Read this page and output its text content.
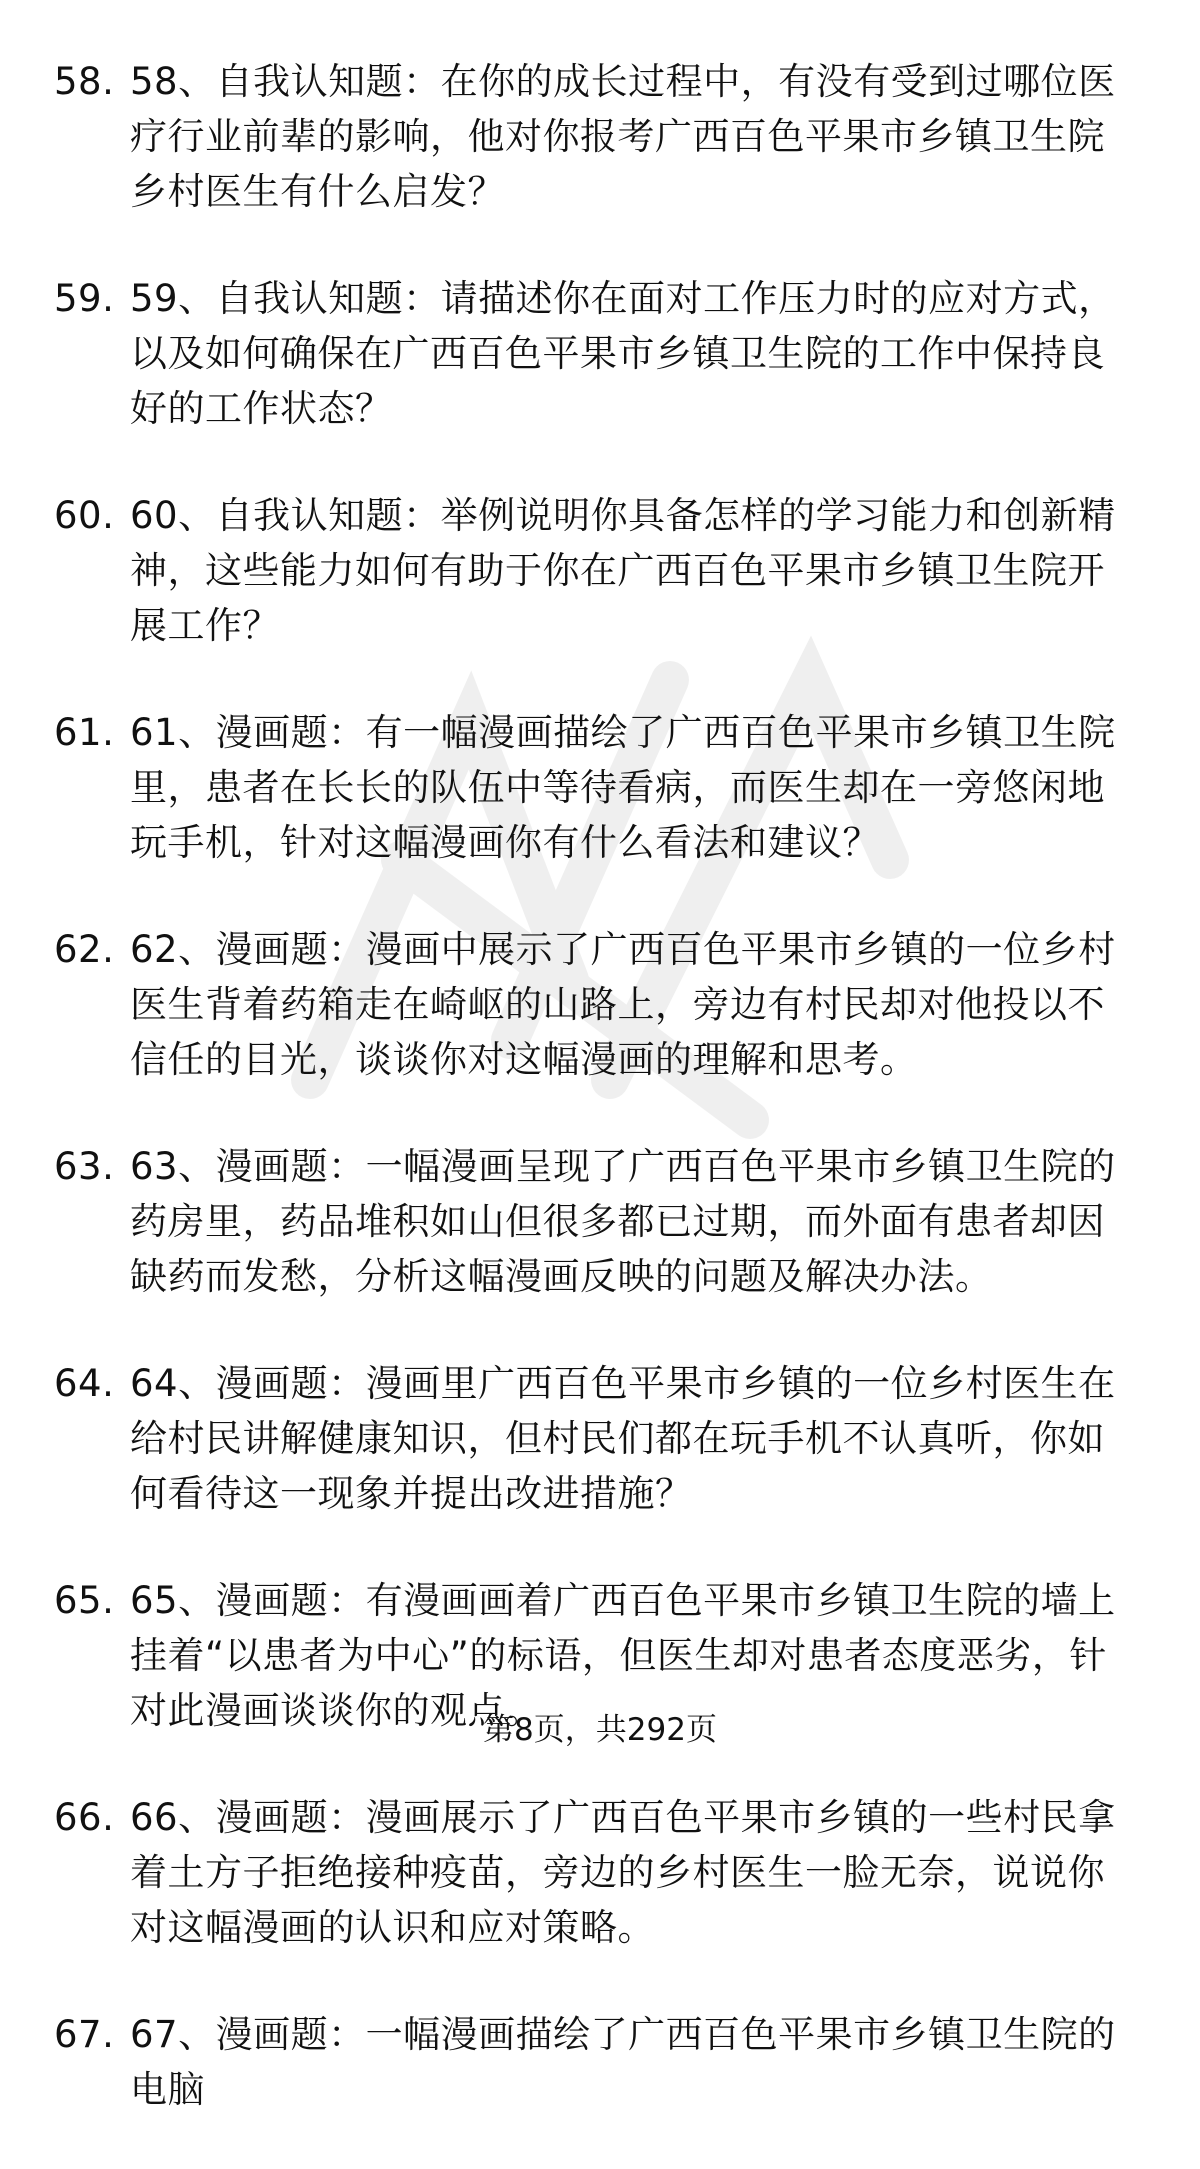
58. 58、自我认知题：在你的成长过程中，有没有受到过哪位医疗行业前辈的影响，他对你报考广西百色平果市乡镇卫生院乡村医生有什么启发？
59. 59、自我认知题：请描述你在面对工作压力时的应对方式，以及如何确保在广西百色平果市乡镇卫生院的工作中保持良好的工作状态？
60. 60、自我认知题：举例说明你具备怎样的学习能力和创新精神，这些能力如何有助于你在广西百色平果市乡镇卫生院开展工作？
61. 61、漫画题：有一幅漫画描绘了广西百色平果市乡镇卫生院里，患者在长长的队伍中等待看病，而医生却在一旁悠闲地玩手机，针对这幅漫画你有什么看法和建议？
62. 62、漫画题：漫画中展示了广西百色平果市乡镇的一位乡村医生背着药箱走在崎岖的山路上，旁边有村民却对他投以不信任的目光，谈谈你对这幅漫画的理解和思考。
63. 63、漫画题：一幅漫画呈现了广西百色平果市乡镇卫生院的药房里，药品堆积如山但很多都已过期，而外面有患者却因缺药而发愁，分析这幅漫画反映的问题及解决办法。
64. 64、漫画题：漫画里广西百色平果市乡镇的一位乡村医生在给村民讲解健康知识，但村民们都在玩手机不认真听，你如何看待这一现象并提出改进措施？
65. 65、漫画题：有漫画画着广西百色平果市乡镇卫生院的墙上挂着“以患者为中心”的标语，但医生却对患者态度恶劣，针对此漫画谈谈你的观点。
66. 66、漫画题：漫画展示了广西百色平果市乡镇的一些村民拿着土方子拒绝接种疫苗，旁边的乡村医生一脸无奈，说说你对这幅漫画的认识和应对策略。
67. 67、漫画题：一幅漫画描绘了广西百色平果市乡镇卫生院的电脑
第8页，共292页
